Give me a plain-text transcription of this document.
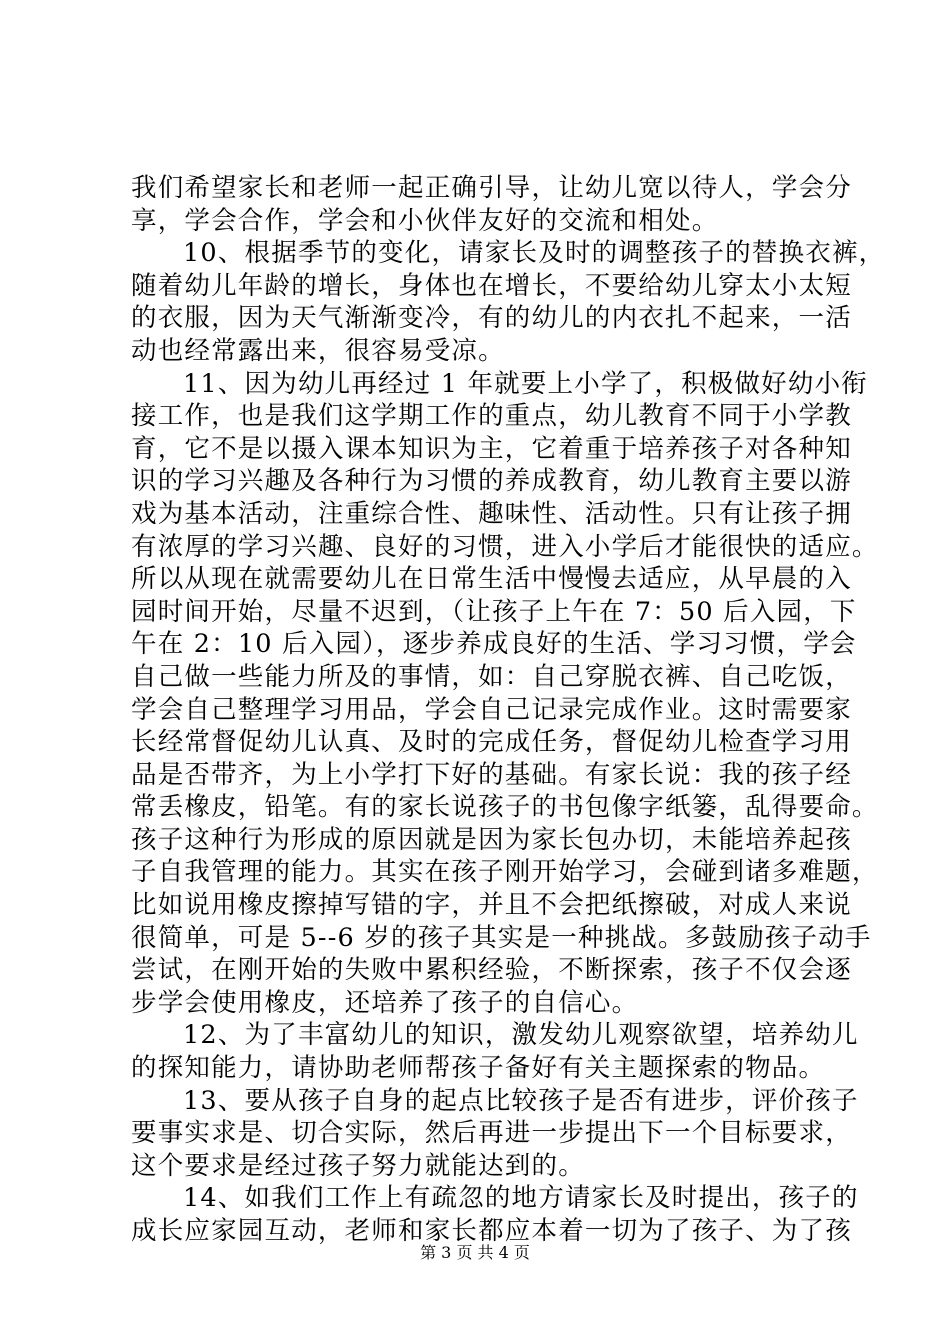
我们希望家长和老师一起正确引导，让幼儿宽以待人，学会分
享，学会合作，学会和小伙伴友好的交流和相处。
10、根据季节的变化，请家长及时的调整孩子的替换衣裤，
随着幼儿年龄的增长，身体也在增长，不要给幼儿穿太小太短
的衣服，因为天气渐渐变冷，有的幼儿的内衣扎不起来，一活
动也经常露出来，很容易受凉。
11、因为幼儿再经过 1 年就要上小学了，积极做好幼小衔
接工作，也是我们这学期工作的重点，幼儿教育不同于小学教
育，它不是以摄入课本知识为主，它着重于培养孩子对各种知
识的学习兴趣及各种行为习惯的养成教育，幼儿教育主要以游
戏为基本活动，注重综合性、趣味性、活动性。只有让孩子拥
有浓厚的学习兴趣、良好的习惯，进入小学后才能很快的适应。
所以从现在就需要幼儿在日常生活中慢慢去适应，从早晨的入
园时间开始，尽量不迟到，（让孩子上午在 7：50 后入园，下
午在 2：10 后入园），逐步养成良好的生活、学习习惯，学会
自己做一些能力所及的事情，如：自己穿脱衣裤、自己吃饭，
学会自己整理学习用品，学会自己记录完成作业。这时需要家
长经常督促幼儿认真、及时的完成任务，督促幼儿检查学习用
品是否带齐，为上小学打下好的基础。有家长说：我的孩子经
常丢橡皮，铅笔。有的家长说孩子的书包像字纸篓，乱得要命。
孩子这种行为形成的原因就是因为家长包办切，未能培养起孩
子自我管理的能力。其实在孩子刚开始学习，会碰到诸多难题，
比如说用橡皮擦掉写错的字，并且不会把纸擦破，对成人来说
很简单，可是 5--6 岁的孩子其实是一种挑战。多鼓励孩子动手
尝试，在刚开始的失败中累积经验，不断探索，孩子不仅会逐
步学会使用橡皮，还培养了孩子的自信心。
12、为了丰富幼儿的知识，激发幼儿观察欲望，培养幼儿
的探知能力，请协助老师帮孩子备好有关主题探索的物品。
13、要从孩子自身的起点比较孩子是否有进步，评价孩子
要事实求是、切合实际，然后再进一步提出下一个目标要求，
这个要求是经过孩子努力就能达到的。
14、如我们工作上有疏忽的地方请家长及时提出，孩子的
成长应家园互动，老师和家长都应本着一切为了孩子、为了孩
第 3 页 共 4 页
